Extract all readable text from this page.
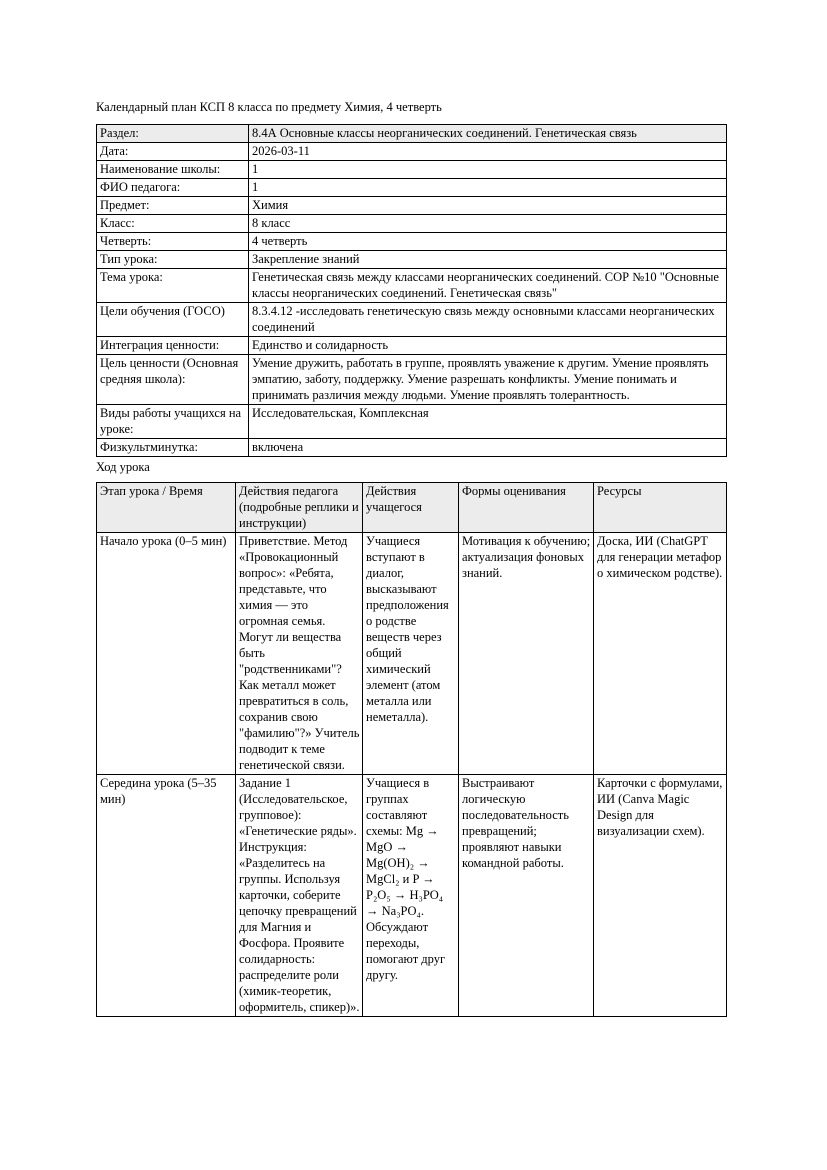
Календарный план КСП 8 класса по предмету Химия, 4 четверть

Раздел:	8.4А Основные классы неорганических соединений. Генетическая связь
Дата:	2026-03-11
Наименование школы:	1
ФИО педагога:	1
Предмет:	Химия
Класс:	8 класс
Четверть:	4 четверть
Тип урока:	Закрепление знаний
Тема урока:	Генетическая связь между классами неорганических соединений. СОР №10 "Основные классы неорганических соединений. Генетическая связь"
Цели обучения (ГОСО)	8.3.4.12 -исследовать генетическую связь между основными классами неорганических соединений
Интеграция ценности:	Единство и солидарность
Цель ценности (Основная средняя школа):	Умение дружить, работать в группе, проявлять уважение к другим. Умение проявлять эмпатию, заботу, поддержку. Умение разрешать конфликты. Умение понимать и принимать различия между людьми. Умение проявлять толерантность.
Виды работы учащихся на уроке:	Исследовательская, Комплексная
Физкультминутка:	включена

Ход урока

Этап урока / Время	Действия педагога (подробные реплики и инструкции)	Действия учащегося	Формы оценивания	Ресурсы
Начало урока (0–5 мин)	Приветствие. Метод «Провокационный вопрос»: «Ребята, представьте, что химия — это огромная семья. Могут ли вещества быть "родственниками"? Как металл может превратиться в соль, сохранив свою "фамилию"?» Учитель подводит к теме генетической связи.	Учащиеся вступают в диалог, высказывают предположения о родстве веществ через общий химический элемент (атом металла или неметалла).	Мотивация к обучению; актуализация фоновых знаний.	Доска, ИИ (ChatGPT для генерации метафор о химическом родстве).
Середина урока (5–35 мин)	Задание 1 (Исследовательское, групповое): «Генетические ряды». Инструкция: «Разделитесь на группы. Используя карточки, соберите цепочку превращений для Магния и Фосфора. Проявите солидарность: распределите роли (химик-теоретик, оформитель, спикер)».	Учащиеся в группах составляют схемы: Mg → MgO → Mg(OH)₂ → MgCl₂ и P → P₂O₅ → H₃PO₄ → Na₃PO₄. Обсуждают переходы, помогают друг другу.	Выстраивают логическую последовательность превращений; проявляют навыки командной работы.	Карточки с формулами, ИИ (Canva Magic Design для визуализации схем).
